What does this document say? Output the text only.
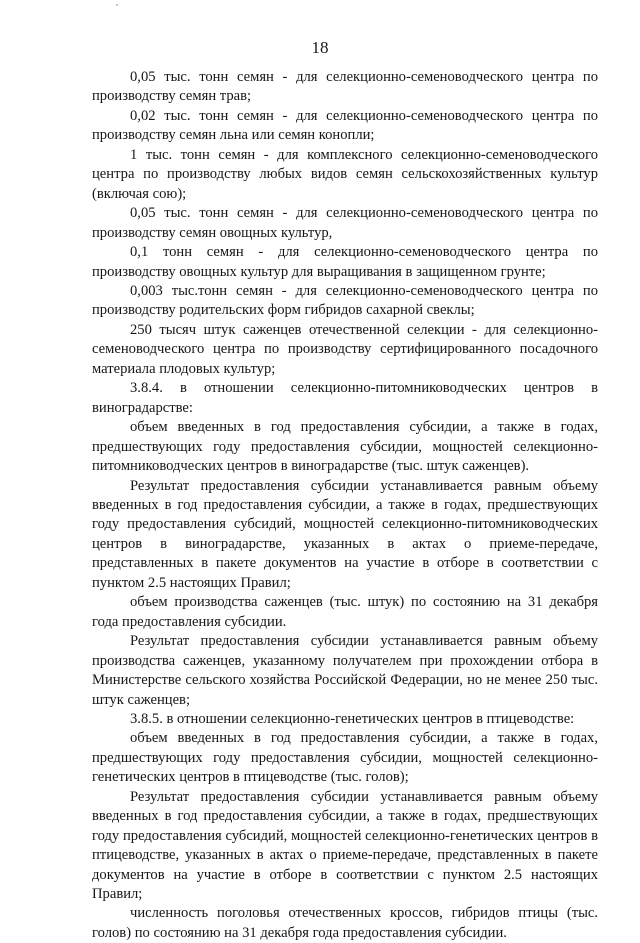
18

0,05 тыс. тонн семян - для селекционно-семеноводческого центра по производству семян трав;

0,02 тыс. тонн семян - для селекционно-семеноводческого центра по производству семян льна или семян конопли;

1 тыс. тонн семян - для комплексного селекционно-семеноводческого центра по производству любых видов семян сельскохозяйственных культур (включая сою);

0,05 тыс. тонн семян - для селекционно-семеноводческого центра по производству семян овощных культур,

0,1 тонн семян - для селекционно-семеноводческого центра по производству овощных культур для выращивания в защищенном грунте;

0,003 тыс.тонн семян - для селекционно-семеноводческого центра по производству родительских форм гибридов сахарной свеклы;

250 тысяч штук саженцев отечественной селекции - для селекционно-семеноводческого центра по производству сертифицированного посадочного материала плодовых культур;

3.8.4. в отношении селекционно-питомниководческих центров в виноградарстве:

объем введенных в год предоставления субсидии, а также в годах, предшествующих году предоставления субсидии, мощностей селекционно-питомниководческих центров в виноградарстве (тыс. штук саженцев).

Результат предоставления субсидии устанавливается равным объему введенных в год предоставления субсидии, а также в годах, предшествующих году предоставления субсидий, мощностей селекционно-питомниководческих центров в виноградарстве, указанных в актах о приеме-передаче, представленных в пакете документов на участие в отборе в соответствии с пунктом 2.5 настоящих Правил;

объем производства саженцев (тыс. штук) по состоянию на 31 декабря года предоставления субсидии.

Результат предоставления субсидии устанавливается равным объему производства саженцев, указанному получателем при прохождении отбора в Министерстве сельского хозяйства Российской Федерации, но не менее 250 тыс. штук саженцев;

3.8.5. в отношении селекционно-генетических центров в птицеводстве:

объем введенных в год предоставления субсидии, а также в годах, предшествующих году предоставления субсидии, мощностей селекционно-генетических центров в птицеводстве (тыс. голов);

Результат предоставления субсидии устанавливается равным объему введенных в год предоставления субсидии, а также в годах, предшествующих году предоставления субсидий, мощностей селекционно-генетических центров в птицеводстве, указанных в актах о приеме-передаче, представленных в пакете документов на участие в отборе в соответствии с пунктом 2.5 настоящих Правил;

численность поголовья отечественных кроссов, гибридов птицы (тыс. голов) по состоянию на 31 декабря года предоставления субсидии.
